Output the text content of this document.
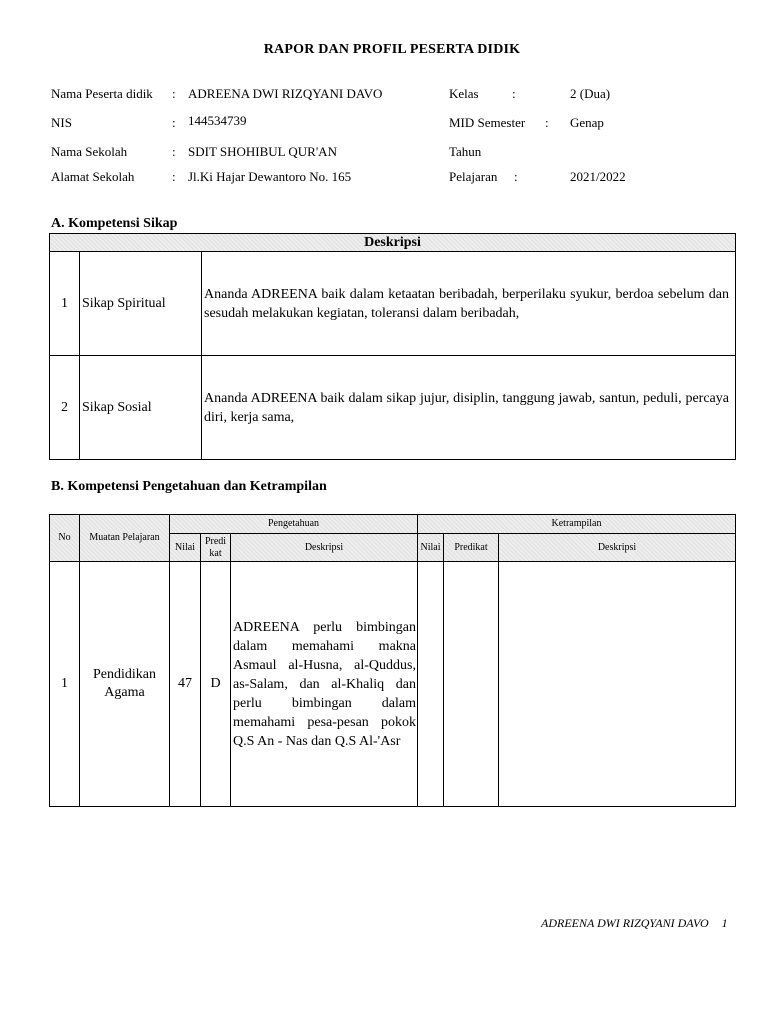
RAPOR DAN PROFIL PESERTA DIDIK
Nama Peserta didik : ADREENA DWI RIZQYANI DAVO
NIS	: 144534739
Nama Sekolah	: SDIT SHOHIBUL QUR'AN
Alamat Sekolah	: Jl.Ki Hajar Dewantoro No. 165
Kelas	:	2 (Dua)
MID Semester : Genap
Tahun
Pelajaran :	2021/2022
A. Kompetensi Sikap
Deskripsi		
1	Sikap Spiritual	Ananda ADREENA baik dalam ketaatan beribadah, berperilaku syukur, berdoa sebelum dan sesudah melakukan kegiatan, toleransi dalam beribadah,
2	Sikap Sosial	Ananda ADREENA baik dalam sikap jujur, disiplin, tanggung jawab, santun, peduli, percaya diri, kerja sama,
B. Kompetensi Pengetahuan dan Ketrampilan
No	Muatan Pelajaran	Pengetahuan			Ketrampilan		
		Nilai	Predi kat	Deskripsi	Nilai	Predikat	Deskripsi
1	Pendidikan Agama	47	D	ADREENA perlu bimbingan dalam memahami makna Asmaul al-Husna, al-Quddus, as-Salam, dan al-Khaliq dan perlu bimbingan dalam memahami pesa-pesan pokok Q.S An - Nas dan Q.S Al-'Asr			
ADREENA DWI RIZQYANI DAVO 1
